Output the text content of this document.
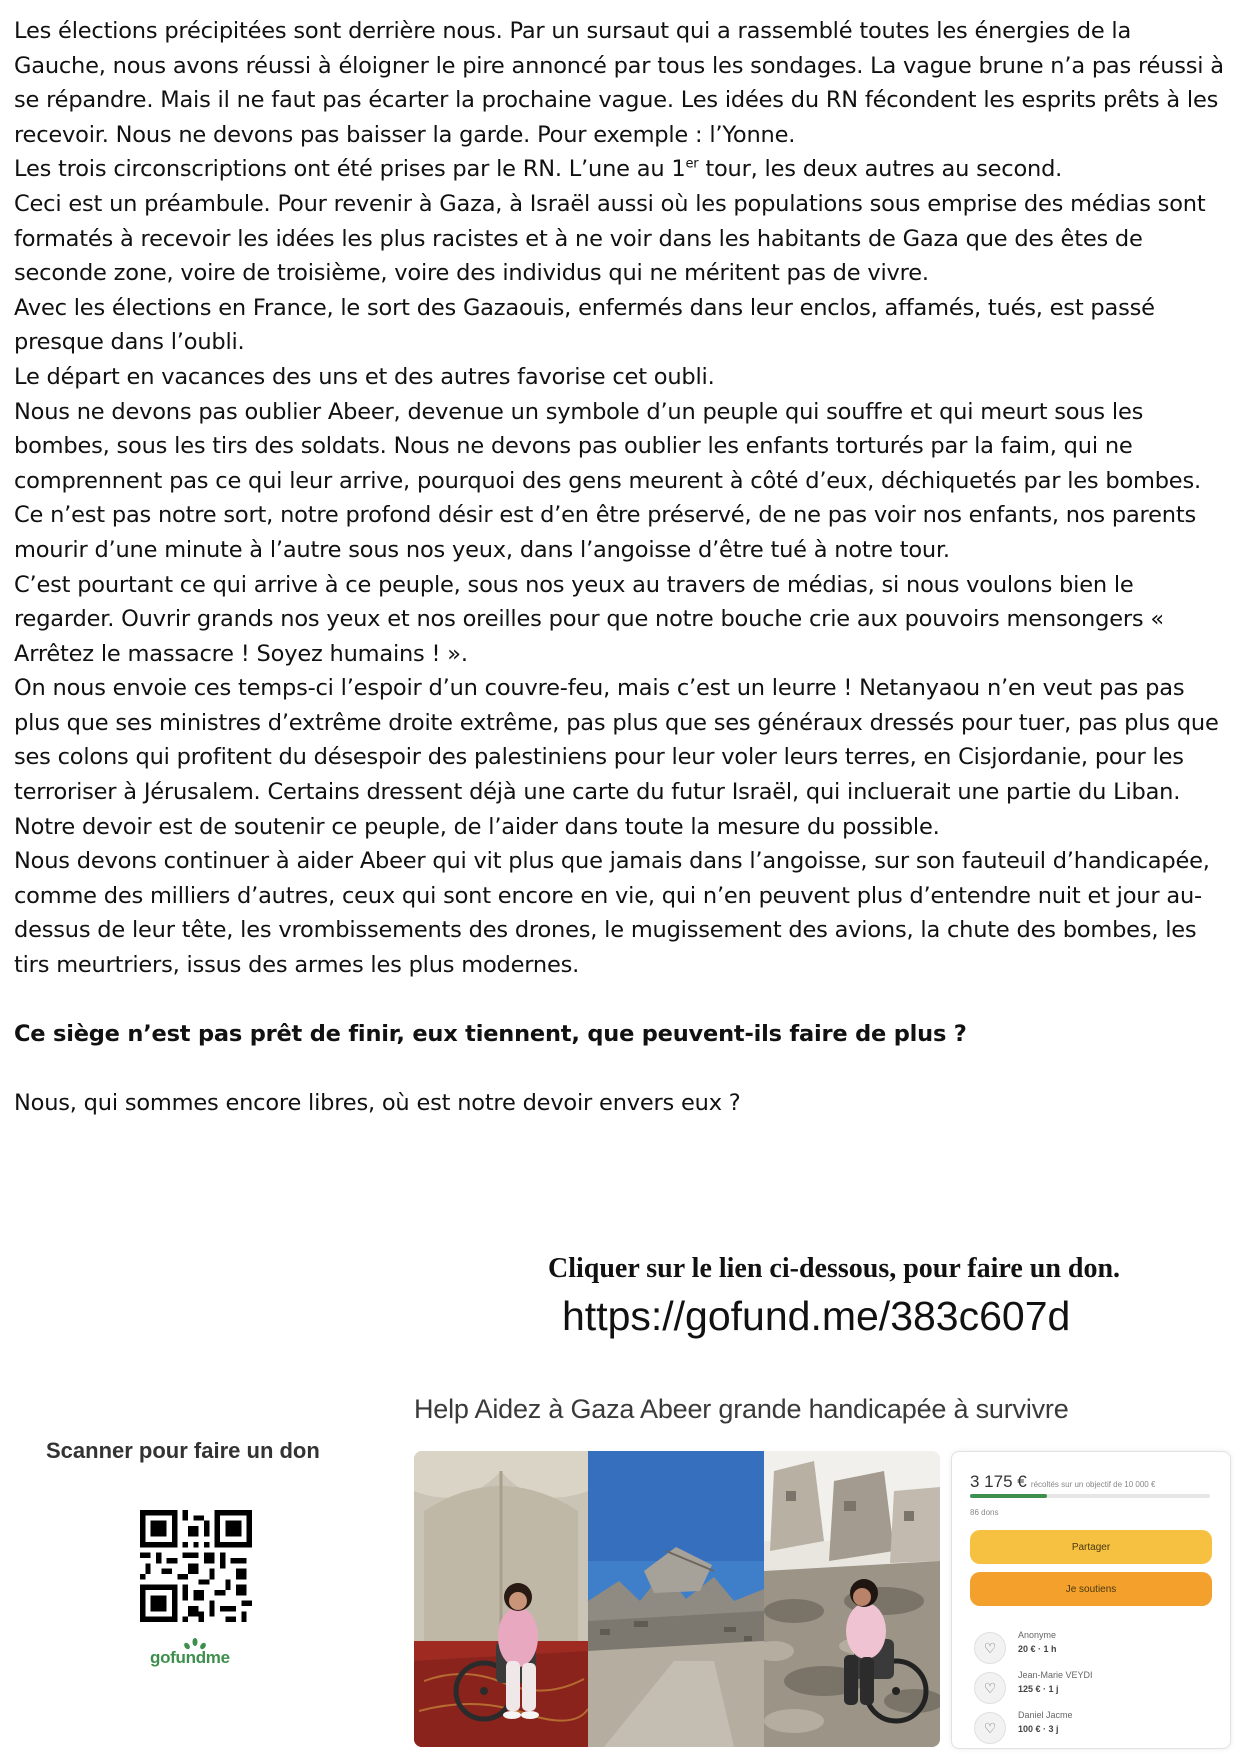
Les élections précipitées sont derrière nous. Par un sursaut qui a rassemblé toutes les énergies de la Gauche, nous avons réussi à éloigner le pire annoncé par tous les sondages. La vague brune n’a pas réussi à se répandre. Mais il ne faut pas écarter la prochaine vague. Les idées du RN fécondent les esprits prêts à les recevoir. Nous ne devons pas baisser la garde. Pour exemple : l’Yonne.

Les trois circonscriptions ont été prises par le RN. L’une au 1er tour, les deux autres au second.

Ceci est un préambule. Pour revenir à Gaza, à Israël aussi où les populations sous emprise des médias sont formatés à recevoir les idées les plus racistes et à ne voir dans les habitants de Gaza que des êtes de seconde zone, voire de troisième, voire des individus qui ne méritent pas de vivre.

Avec les élections en France, le sort des Gazaouis, enfermés dans leur enclos, affamés, tués, est passé presque dans l’oubli.

Le départ en vacances des uns et des autres favorise cet oubli.

Nous ne devons pas oublier Abeer, devenue un symbole d’un peuple qui souffre et qui meurt sous les bombes, sous les tirs des soldats. Nous ne devons pas oublier les enfants torturés par la faim, qui ne comprennent pas ce qui leur arrive, pourquoi des gens meurent à côté d’eux, déchiquetés par les bombes.

Ce n’est pas notre sort, notre profond désir est d’en être préservé, de ne pas voir nos enfants, nos parents mourir d’une minute à l’autre sous nos yeux, dans l’angoisse d’être tué à notre tour.

C’est pourtant ce qui arrive à ce peuple, sous nos yeux au travers de médias, si nous voulons bien le regarder. Ouvrir grands nos yeux et nos oreilles pour que notre bouche crie aux pouvoirs mensongers « Arrêtez le massacre ! Soyez humains ! ».

On nous envoie ces temps-ci l’espoir d’un couvre-feu, mais c’est un leurre ! Netanyaou n’en veut pas pas plus que ses ministres d’extrême droite extrême, pas plus que ses généraux dressés pour tuer, pas plus que ses colons qui profitent du désespoir des palestiniens pour leur voler leurs terres, en Cisjordanie, pour les terroriser à Jérusalem. Certains dressent déjà une carte du futur Israël, qui incluerait une partie du Liban.

Notre devoir est de soutenir ce peuple, de l’aider dans toute la mesure du possible.

Nous devons continuer à aider Abeer qui vit plus que jamais dans l’angoisse, sur son fauteuil d’handicapée, comme des milliers d’autres, ceux qui sont encore en vie, qui n’en peuvent plus d’entendre nuit et jour au-dessus de leur tête, les vrombissements des drones, le mugissement des avions, la chute des bombes, les tirs meurtriers, issus des armes les plus modernes.

Ce siège n’est pas prêt de finir, eux tiennent, que peuvent-ils faire de plus ?

Nous, qui sommes encore libres, où est notre devoir envers eux ?

Cliquer sur le lien ci-dessous, pour faire un don.
https://gofund.me/383c607d
Scanner pour faire un don
gofundme
Help Aidez à Gaza Abeer grande handicapée à survivre
3 175 € récoltés sur un objectif de 10 000 €
86 dons
Partager
Je soutiens
♡
Anonyme
20 € · 1 h
♡
Jean-Marie VEYDI
125 € · 1 j
♡
Daniel Jacme
100 € · 3 j
